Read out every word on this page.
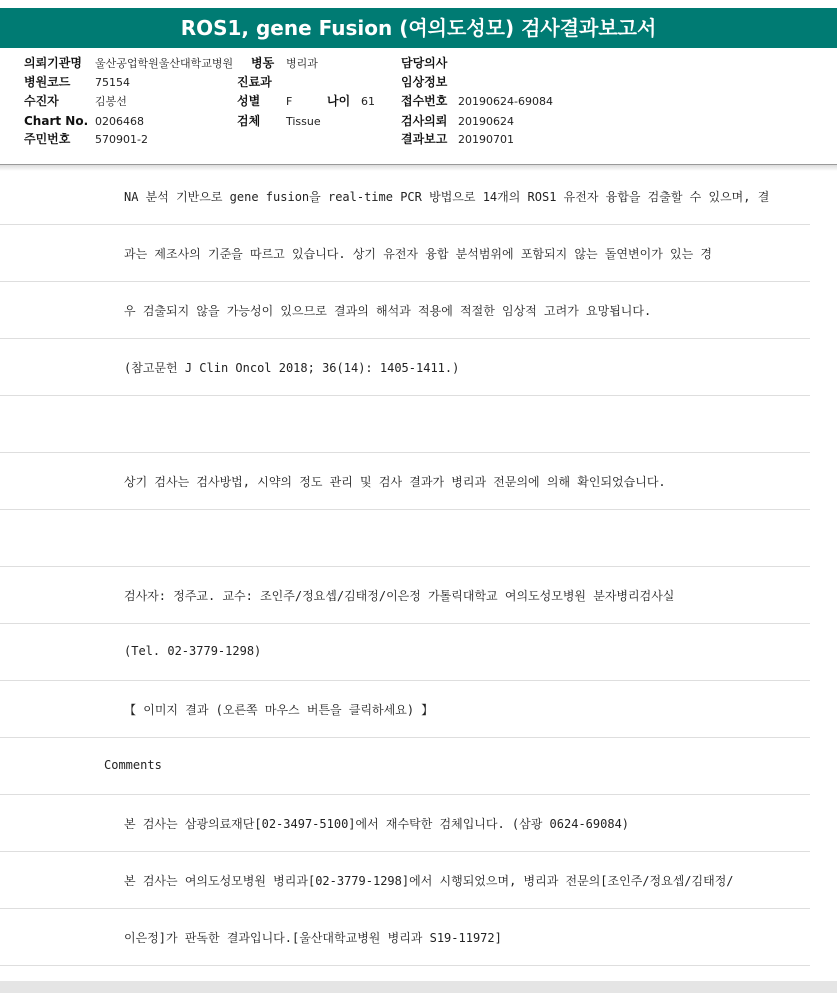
ROS1, gene Fusion (여의도성모) 검사결과보고서
의뢰기관명 울산공업학원울산대학교병원 병동 병리과	담당의사
병원코드 75154	진료과	임상정보
수진자	김봉선	성별 F	나이 61 접수번호 20190624-69084
Chart No. 0206468	검체 Tissue	검사의뢰 20190624
주민번호 570901-2	결과보고 20190701
NA 분석 기반으로 gene fusion을 real-time PCR 방법으로 14개의 ROS1 유전자 융합을 검출할 수 있으며, 결
과는 제조사의 기준을 따르고 있습니다. 상기 유전자 융합 분석범위에 포함되지 않는 돌연변이가 있는 경
우 검출되지 않을 가능성이 있으므로 결과의 해석과 적용에 적절한 임상적 고려가 요망됩니다.
(참고문헌 J Clin Oncol 2018; 36(14): 1405-1411.)
상기 검사는 검사방법, 시약의 정도 관리 및 검사 결과가 병리과 전문의에 의해 확인되었습니다.
검사자: 정주교. 교수: 조인주/정요셉/김태정/이은정 가톨릭대학교 여의도성모병원 분자병리검사실
(Tel. 02-3779-1298)
【 이미지 결과 (오른쪽 마우스 버튼을 클릭하세요) 】
Comments
본 검사는 삼광의료재단[02-3497-5100]에서 재수탁한 검체입니다. (삼광 0624-69084)
본 검사는 여의도성모병원 병리과[02-3779-1298]에서 시행되었으며, 병리과 전문의[조인주/정요셉/김태정/
이은정]가 판독한 결과입니다.[울산대학교병원 병리과 S19-11972]
